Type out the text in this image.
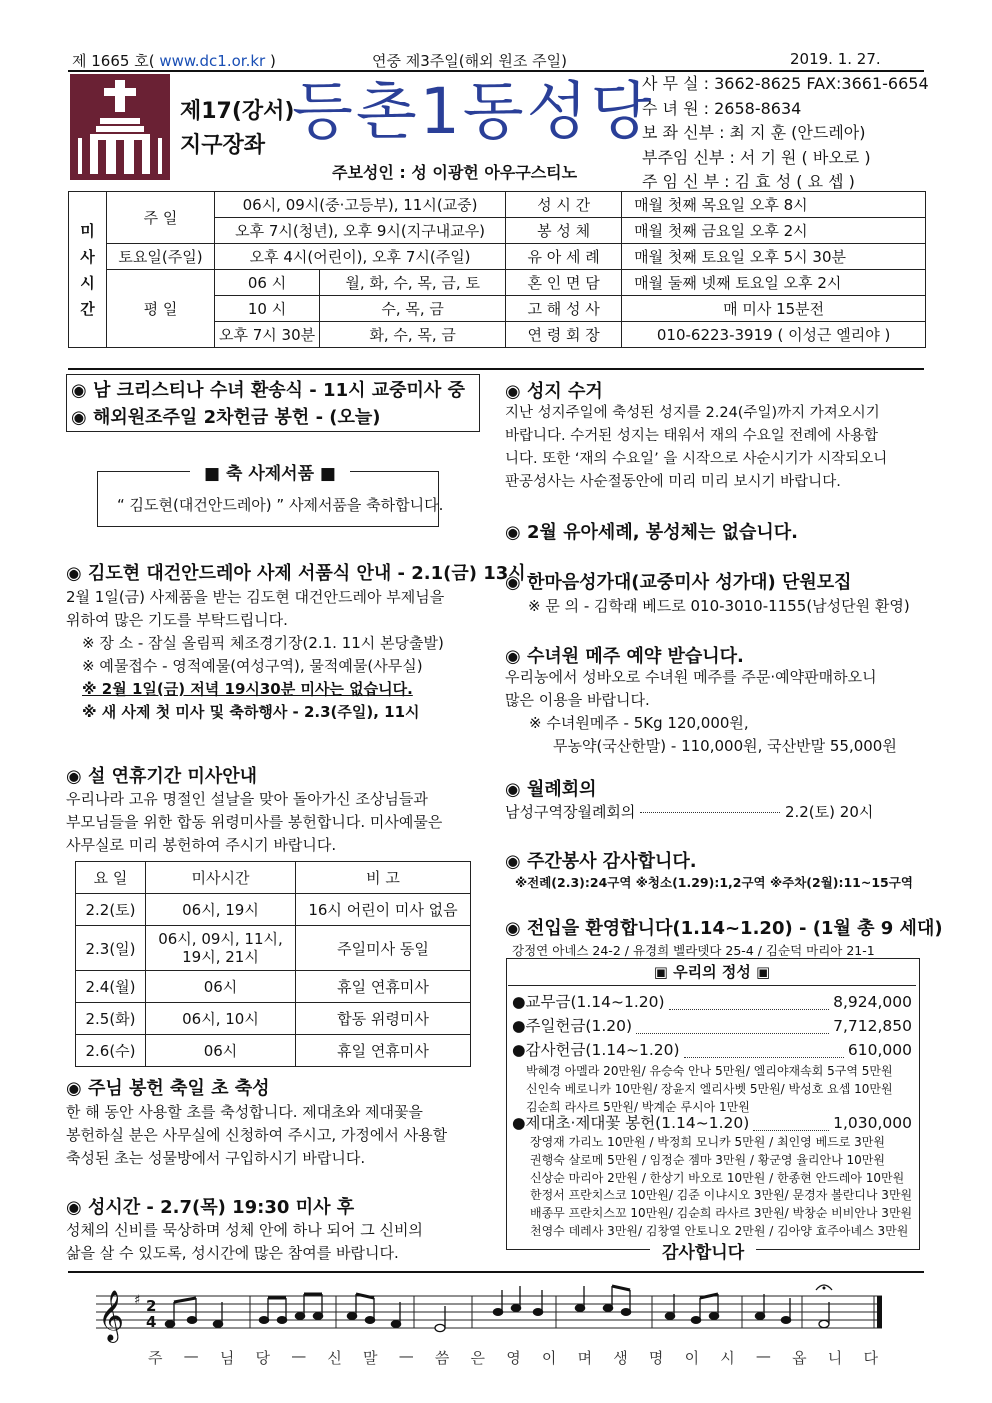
제 1665 호( www.dc1.or.kr )	연중 제3주일(해외 원조 주일)	2019. 1. 27.
제17(강서)
지구장좌 등촌1동성당
주보성인 : 성 이광헌 아우구스티노
사 무 실 : 3662-8625 FAX:3661-6654
수 녀 원 : 2658-8634
보 좌 신부 : 최 지 훈 (안드레아)
부주임 신부 : 서 기 원 ( 바오로 )
주 임 신 부 : 김 효 성 ( 요 셉 )
미
사
시
간	주 일	06시, 09시(중·고등부), 11시(교중)		성 시 간	매월 첫째 목요일 오후 8시
		오후 7시(청년), 오후 9시(지구내교우)		봉 성 체	매월 첫째 금요일 오후 2시
	토요일(주일)	오후 4시(어린이), 오후 7시(주일)		유 아 세 례	매월 첫째 토요일 오후 5시 30분
	평 일	06 시	월, 화, 수, 목, 금, 토	혼 인 면 담	매월 둘째 넷째 토요일 오후 2시
		10 시	수, 목, 금	고 해 성 사	매 미사 15분전
		오후 7시 30분	화, 수, 목, 금	연 령 회 장	010-6223-3919 ( 이성근 엘리야 )
◉ 남 크리스티나 수녀 환송식 - 11시 교중미사 중
◉ 해외원조주일 2차헌금 봉헌 - (오늘)
■ 축 사제서품 ■
“ 김도현(대건안드레아) ” 사제서품을 축하합니다.
◉ 김도현 대건안드레아 사제 서품식 안내 - 2.1(금) 13시
2월 1일(금) 사제품을 받는 김도현 대건안드레아 부제님을
위하여 많은 기도를 부탁드립니다.
※ 장 소 - 잠실 올림픽 체조경기장(2.1. 11시 본당출발)
※ 예물접수 - 영적예물(여성구역), 물적예물(사무실)
※ 2월 1일(금) 저녁 19시30분 미사는 없습니다.
※ 새 사제 첫 미사 및 축하행사 - 2.3(주일), 11시
◉ 설 연휴기간 미사안내
우리나라 고유 명절인 설날을 맞아 돌아가신 조상님들과
부모님들을 위한 합동 위령미사를 봉헌합니다. 미사예물은
사무실로 미리 봉헌하여 주시기 바랍니다.
요 일	미사시간	비 고
2.2(토)	06시, 19시	16시 어린이 미사 없음
2.3(일)	06시, 09시, 11시,
19시, 21시	주일미사 동일
2.4(월)	06시	휴일 연휴미사
2.5(화)	06시, 10시	합동 위령미사
2.6(수)	06시	휴일 연휴미사
◉ 주님 봉헌 축일 초 축성
한 해 동안 사용할 초를 축성합니다. 제대초와 제대꽃을
봉헌하실 분은 사무실에 신청하여 주시고, 가정에서 사용할
축성된 초는 성물방에서 구입하시기 바랍니다.
◉ 성시간 - 2.7(목) 19:30 미사 후
성체의 신비를 묵상하며 성체 안에 하나 되어 그 신비의
삶을 살 수 있도록, 성시간에 많은 참여를 바랍니다.
◉ 성지 수거
지난 성지주일에 축성된 성지를 2.24(주일)까지 가져오시기
바랍니다. 수거된 성지는 태워서 재의 수요일 전례에 사용합
니다. 또한 ‘재의 수요일’ 을 시작으로 사순시기가 시작되오니
판공성사는 사순절동안에 미리 미리 보시기 바랍니다.
◉ 2월 유아세례, 봉성체는 없습니다.
◉ 한마음성가대(교중미사 성가대) 단원모집
※ 문 의 - 김학래 베드로 010-3010-1155(남성단원 환영)
◉ 수녀원 메주 예약 받습니다.
우리농에서 성바오로 수녀원 메주를 주문·예약판매하오니
많은 이용을 바랍니다.
※ 수녀원메주 - 5Kg 120,000원,
무농약(국산한말) - 110,000원, 국산반말 55,000원
◉ 월례회의
남성구역장월례회의	2.2(토) 20시
◉ 주간봉사 감사합니다.
※전례(2.3):24구역 ※청소(1.29):1,2구역 ※주차(2월):11~15구역
◉ 전입을 환영합니다(1.14~1.20) - (1월 총 9 세대)
강정연 아네스 24-2 / 유경희 벨라뎃다 25-4 / 김순덕 마리아 21-1
▣ 우리의 정성 ▣
●교무금(1.14~1.20)	8,924,000
●주일헌금(1.20)	7,712,850
●감사헌금(1.14~1.20)	610,000
박혜경 아멜라 20만원/ 유승숙 안나 5만원/ 엘리야재속회 5구역 5만원
신인숙 베로니카 10만원/ 장윤지 엘리사벳 5만원/ 박성호 요셉 10만원
김순희 라사르 5만원/ 박계순 루시아 1만원
●제대초·제대꽃 봉헌(1.14~1.20)	1,030,000
장영재 가리노 10만원 / 박정희 모니카 5만원 / 최인영 베드로 3만원
권행숙 살로메 5만원 / 임정순 젬마 3만원 / 황군영 율리안나 10만원
신상순 마리아 2만원 / 한상기 바오로 10만원 / 한종현 안드레아 10만원
한정서 프란치스코 10만원/ 김준 이냐시오 3만원/ 문경자 볼란디나 3만원
배종무 프란치스꼬 10만원/ 김순희 라사르 3만원/ 박창순 비비안나 3만원
천영수 데레사 3만원/ 김창열 안토니오 2만원 / 김아양 효주아녜스 3만원
감사합니다
𝄞 ♯ 2
4
주 — 님 당 — 신 말 — 씀 은 영 이 며 생 명 이 시 — 옵 니 다
